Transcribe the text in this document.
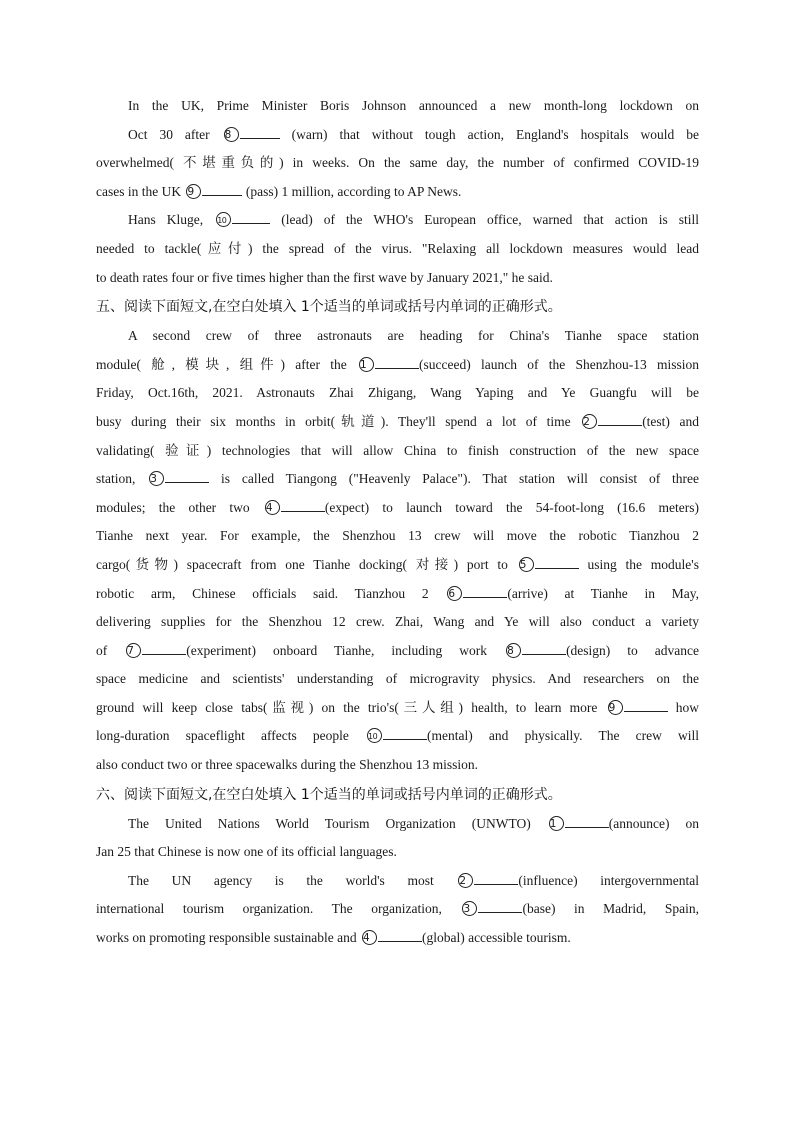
In the UK, Prime Minister Boris Johnson announced a new month-long lockdown on
Oct 30 after 8	(warn) that without tough action, England's hospitals would be
overwhelmed( 不堪重负的) in weeks. On the same day, the number of confirmed COVID-19
cases in the UK 9	(pass) 1 million, according to AP News.
Hans Kluge, 10	(lead) of the WHO's European office, warned that action is still
needed to tackle(应付) the spread of the virus. "Relaxing all lockdown measures would lead
to death rates four or five times higher than the first wave by January 2021," he said.
五、阅读下面短文,在空白处填入 1个适当的单词或括号内单词的正确形式。
A second crew of three astronauts are heading for China's Tianhe space station
module( 舱, 模块, 组件) after the 1	(succeed) launch of the Shenzhou-13 mission
Friday, Oct.16th, 2021. Astronauts Zhai Zhigang, Wang Yaping and Ye Guangfu will be
busy during their six months in orbit(轨道). They'll spend a lot of time 2	(test) and
validating( 验证) technologies that will allow China to finish construction of the new space
station, 3	is called Tiangong ("Heavenly Palace"). That station will consist of three
modules; the other two 4	(expect) to launch toward the 54-foot-long (16.6 meters)
Tianhe next year. For example, the Shenzhou 13 crew will move the robotic Tianzhou 2
cargo(货物) spacecraft from one Tianhe docking( 对接) port to 5	using the module's
robotic arm, Chinese officials said. Tianzhou 2 6	(arrive) at Tianhe in May,
delivering supplies for the Shenzhou 12 crew. Zhai, Wang and Ye will also conduct a variety
of 7	(experiment) onboard Tianhe, including work 8	(design) to advance
space medicine and scientists' understanding of microgravity physics. And researchers on the
ground will keep close tabs(监视) on the trio's(三人组) health, to learn more 9	how
long-duration spaceflight affects people 10	(mental) and physically. The crew will
also conduct two or three spacewalks during the Shenzhou 13 mission.
六、阅读下面短文,在空白处填入 1个适当的单词或括号内单词的正确形式。
The United Nations World Tourism Organization (UNWTO) 1	(announce) on
Jan 25 that Chinese is now one of its official languages.
The UN agency is the world's most 2	(influence) intergovernmental
international tourism organization. The organization, 3	(base) in Madrid, Spain,
works on promoting responsible sustainable and 4	(global) accessible tourism.
